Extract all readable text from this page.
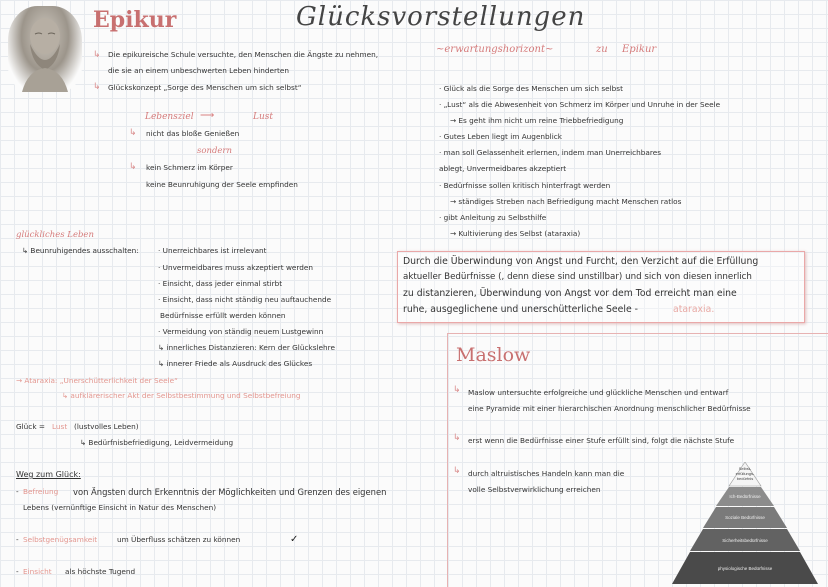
Epikur	Glücksvorstellungen
↳ Die epikureische Schule versuchte, den Menschen die Ängste zu nehmen,
die sie an einem unbeschwerten Leben hinderten
↳ Glückskonzept „Sorge des Menschen um sich selbst“
Lebensziel ⟶	Lust
↳ nicht das bloße Genießen
sondern
↳ kein Schmerz im Körper
keine Beunruhigung der Seele empfinden
~erwartungshorizont~	zu Epikur
· Glück als die Sorge des Menschen um sich selbst
· „Lust“ als die Abwesenheit von Schmerz im Körper und Unruhe in der Seele
→ Es geht ihm nicht um reine Triebbefriedigung
· Gutes Leben liegt im Augenblick
· man soll Gelassenheit erlernen, indem man Unerreichbares
ablegt, Unvermeidbares akzeptiert
· Bedürfnisse sollen kritisch hinterfragt werden
→ ständiges Streben nach Befriedigung macht Menschen ratlos
· gibt Anleitung zu Selbsthilfe
→ Kultivierung des Selbst (ataraxia)
glückliches Leben
↳ Beunruhigendes ausschalten:	· Unerreichbares ist irrelevant
· Unvermeidbares muss akzeptiert werden
· Einsicht, dass jeder einmal stirbt
· Einsicht, dass nicht ständig neu auftauchende
Bedürfnisse erfüllt werden können
· Vermeidung von ständig neuem Lustgewinn
↳ innerliches Distanzieren: Kern der Glückslehre
↳ innerer Friede als Ausdruck des Glückes
→ Ataraxia: „Unerschütterlichkeit der Seele“
↳ aufklärerischer Akt der Selbstbestimmung und Selbstbefreiung
Glück = Lust (lustvolles Leben)
↳ Bedürfnisbefriedigung, Leidvermeidung
Weg zum Glück:
- Befreiung von Ängsten durch Erkenntnis der Möglichkeiten und Grenzen des eigenen
Lebens (vernünftige Einsicht in Natur des Menschen)
- Selbstgenügsamkeit	um Überfluss schätzen zu können	✓
- Einsicht als höchste Tugend
Durch die Überwindung von Angst und Furcht, den Verzicht auf die Erfüllung
aktueller Bedürfnisse (, denn diese sind unstillbar) und sich von diesen innerlich
zu distanzieren, Überwindung von Angst vor dem Tod erreicht man eine
ruhe, ausgeglichene und unerschütterliche Seele -	ataraxia.
Maslow
↳ Maslow untersuchte erfolgreiche und glückliche Menschen und entwarf
eine Pyramide mit einer hierarchischen Anordnung menschlicher Bedürfnisse
↳ erst wenn die Bedürfnisse einer Stufe erfüllt sind, folgt die nächste Stufe
↳ durch altruistisches Handeln kann man die
volle Selbstverwirklichung erreichen
Selbst-erfüllungs-bedürfnis
Ich-Bedürfnisse
Soziale Bedürfnisse
Sicherheitsbedürfnisse
physiologische Bedürfnisse
